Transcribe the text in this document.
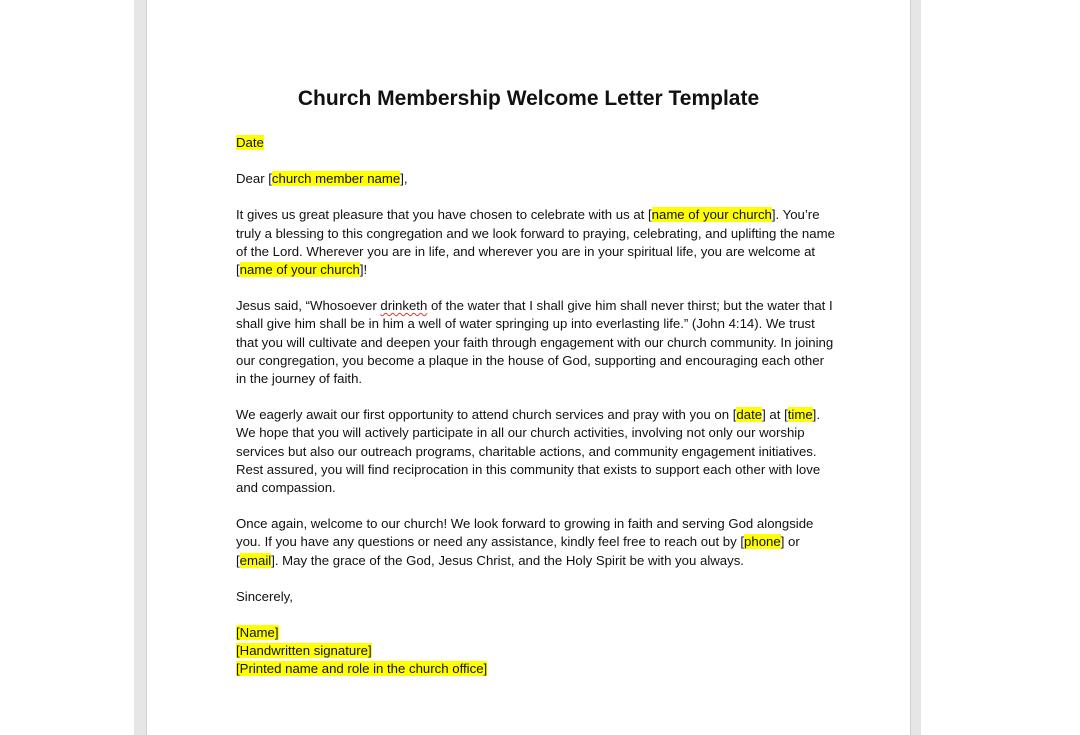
Church Membership Welcome Letter Template

Date

Dear [church member name],

It gives us great pleasure that you have chosen to celebrate with us at [name of your church]. You’re truly a blessing to this congregation and we look forward to praying, celebrating, and uplifting the name of the Lord. Wherever you are in life, and wherever you are in your spiritual life, you are welcome at [name of your church]!

Jesus said, “Whosoever drinketh of the water that I shall give him shall never thirst; but the water that I shall give him shall be in him a well of water springing up into everlasting life.” (John 4:14). We trust that you will cultivate and deepen your faith through engagement with our church community. In joining our congregation, you become a plaque in the house of God, supporting and encouraging each other in the journey of faith.

We eagerly await our first opportunity to attend church services and pray with you on [date] at [time]. We hope that you will actively participate in all our church activities, involving not only our worship services but also our outreach programs, charitable actions, and community engagement initiatives. Rest assured, you will find reciprocation in this community that exists to support each other with love and compassion.

Once again, welcome to our church! We look forward to growing in faith and serving God alongside you. If you have any questions or need any assistance, kindly feel free to reach out by [phone] or [email]. May the grace of the God, Jesus Christ, and the Holy Spirit be with you always.

Sincerely,

[Name]
[Handwritten signature]
[Printed name and role in the church office]
